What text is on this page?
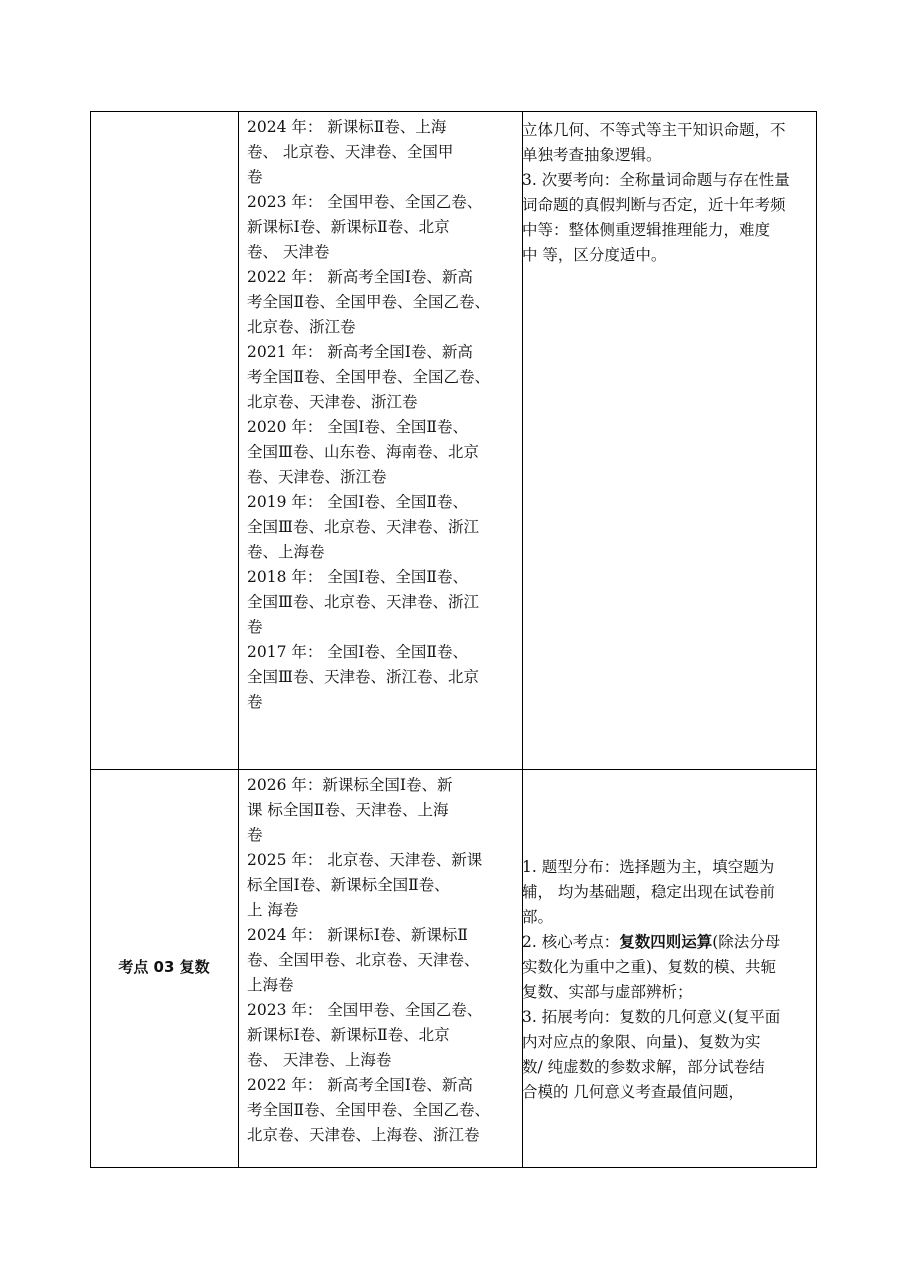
2024 年： 新课标Ⅱ卷、上海
卷、 北京卷、天津卷、全国甲
卷
2023 年： 全国甲卷、全国乙卷、
新课标Ⅰ卷、新课标Ⅱ卷、北京
卷、 天津卷
2022 年： 新高考全国Ⅰ卷、新高
考全国Ⅱ卷、全国甲卷、全国乙卷、
北京卷、浙江卷
2021 年： 新高考全国Ⅰ卷、新高
考全国Ⅱ卷、全国甲卷、全国乙卷、
北京卷、天津卷、浙江卷
2020 年： 全国Ⅰ卷、全国Ⅱ卷、
全国Ⅲ卷、山东卷、海南卷、北京
卷、天津卷、浙江卷
2019 年： 全国Ⅰ卷、全国Ⅱ卷、
全国Ⅲ卷、北京卷、天津卷、浙江
卷、上海卷
2018 年： 全国Ⅰ卷、全国Ⅱ卷、
全国Ⅲ卷、北京卷、天津卷、浙江
卷
2017 年： 全国Ⅰ卷、全国Ⅱ卷、
全国Ⅲ卷、天津卷、浙江卷、北京
卷
立体几何、不等式等主干知识命题，不
单独考查抽象逻辑。
3. 次要考向：全称量词命题与存在性量
词命题的真假判断与否定，近十年考频
中等：整体侧重逻辑推理能力，难度
中 等，区分度适中。
考点 03 复数
2026 年：新课标全国Ⅰ卷、新
课 标全国Ⅱ卷、天津卷、上海
卷
2025 年： 北京卷、天津卷、新课
标全国Ⅰ卷、新课标全国Ⅱ卷、
上 海卷
2024 年： 新课标Ⅰ卷、新课标Ⅱ
卷、全国甲卷、北京卷、天津卷、
上海卷
2023 年： 全国甲卷、全国乙卷、
新课标Ⅰ卷、新课标Ⅱ卷、北京
卷、 天津卷、上海卷
2022 年： 新高考全国Ⅰ卷、新高
考全国Ⅱ卷、全国甲卷、全国乙卷、
北京卷、天津卷、上海卷、浙江卷
1. 题型分布：选择题为主，填空题为
辅， 均为基础题，稳定出现在试卷前
部。
2. 核心考点：复数四则运算(除法分母
实数化为重中之重)、复数的模、共轭
复数、实部与虚部辨析；
3. 拓展考向：复数的几何意义(复平面
内对应点的象限、向量)、复数为实
数/ 纯虚数的参数求解，部分试卷结
合模的 几何意义考查最值问题，
